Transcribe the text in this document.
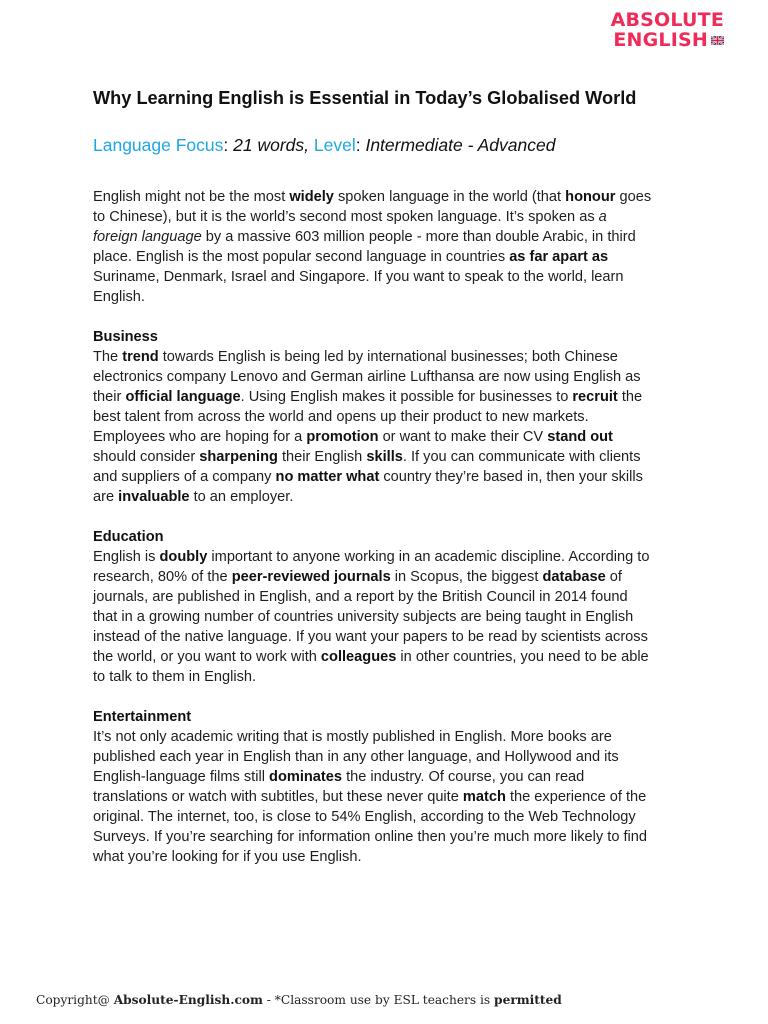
ABSOLUTE
ENGLISH
Why Learning English is Essential in Today’s Globalised World

Language Focus: 21 words, Level: Intermediate - Advanced

English might not be the most widely spoken language in the world (that honour goes to Chinese), but it is the world’s second most spoken language. It’s spoken as a foreign language by a massive 603 million people - more than double Arabic, in third place. English is the most popular second language in countries as far apart as Suriname, Denmark, Israel and Singapore. If you want to speak to the world, learn English.

Business

The trend towards English is being led by international businesses; both Chinese electronics company Lenovo and German airline Lufthansa are now using English as their official language. Using English makes it possible for businesses to recruit the best talent from across the world and opens up their product to new markets. Employees who are hoping for a promotion or want to make their CV stand out should consider sharpening their English skills. If you can communicate with clients and suppliers of a company no matter what country they’re based in, then your skills are invaluable to an employer.

Education

English is doubly important to anyone working in an academic discipline. According to research, 80% of the peer-reviewed journals in Scopus, the biggest database of journals, are published in English, and a report by the British Council in 2014 found that in a growing number of countries university subjects are being taught in English instead of the native language. If you want your papers to be read by scientists across the world, or you want to work with colleagues in other countries, you need to be able to talk to them in English.

Entertainment

It’s not only academic writing that is mostly published in English. More books are published each year in English than in any other language, and Hollywood and its English-language films still dominates the industry. Of course, you can read translations or watch with subtitles, but these never quite match the experience of the original. The internet, too, is close to 54% English, according to the Web Technology Surveys. If you’re searching for information online then you’re much more likely to find what you’re looking for if you use English.

Copyright@ Absolute-English.com - *Classroom use by ESL teachers is permitted
